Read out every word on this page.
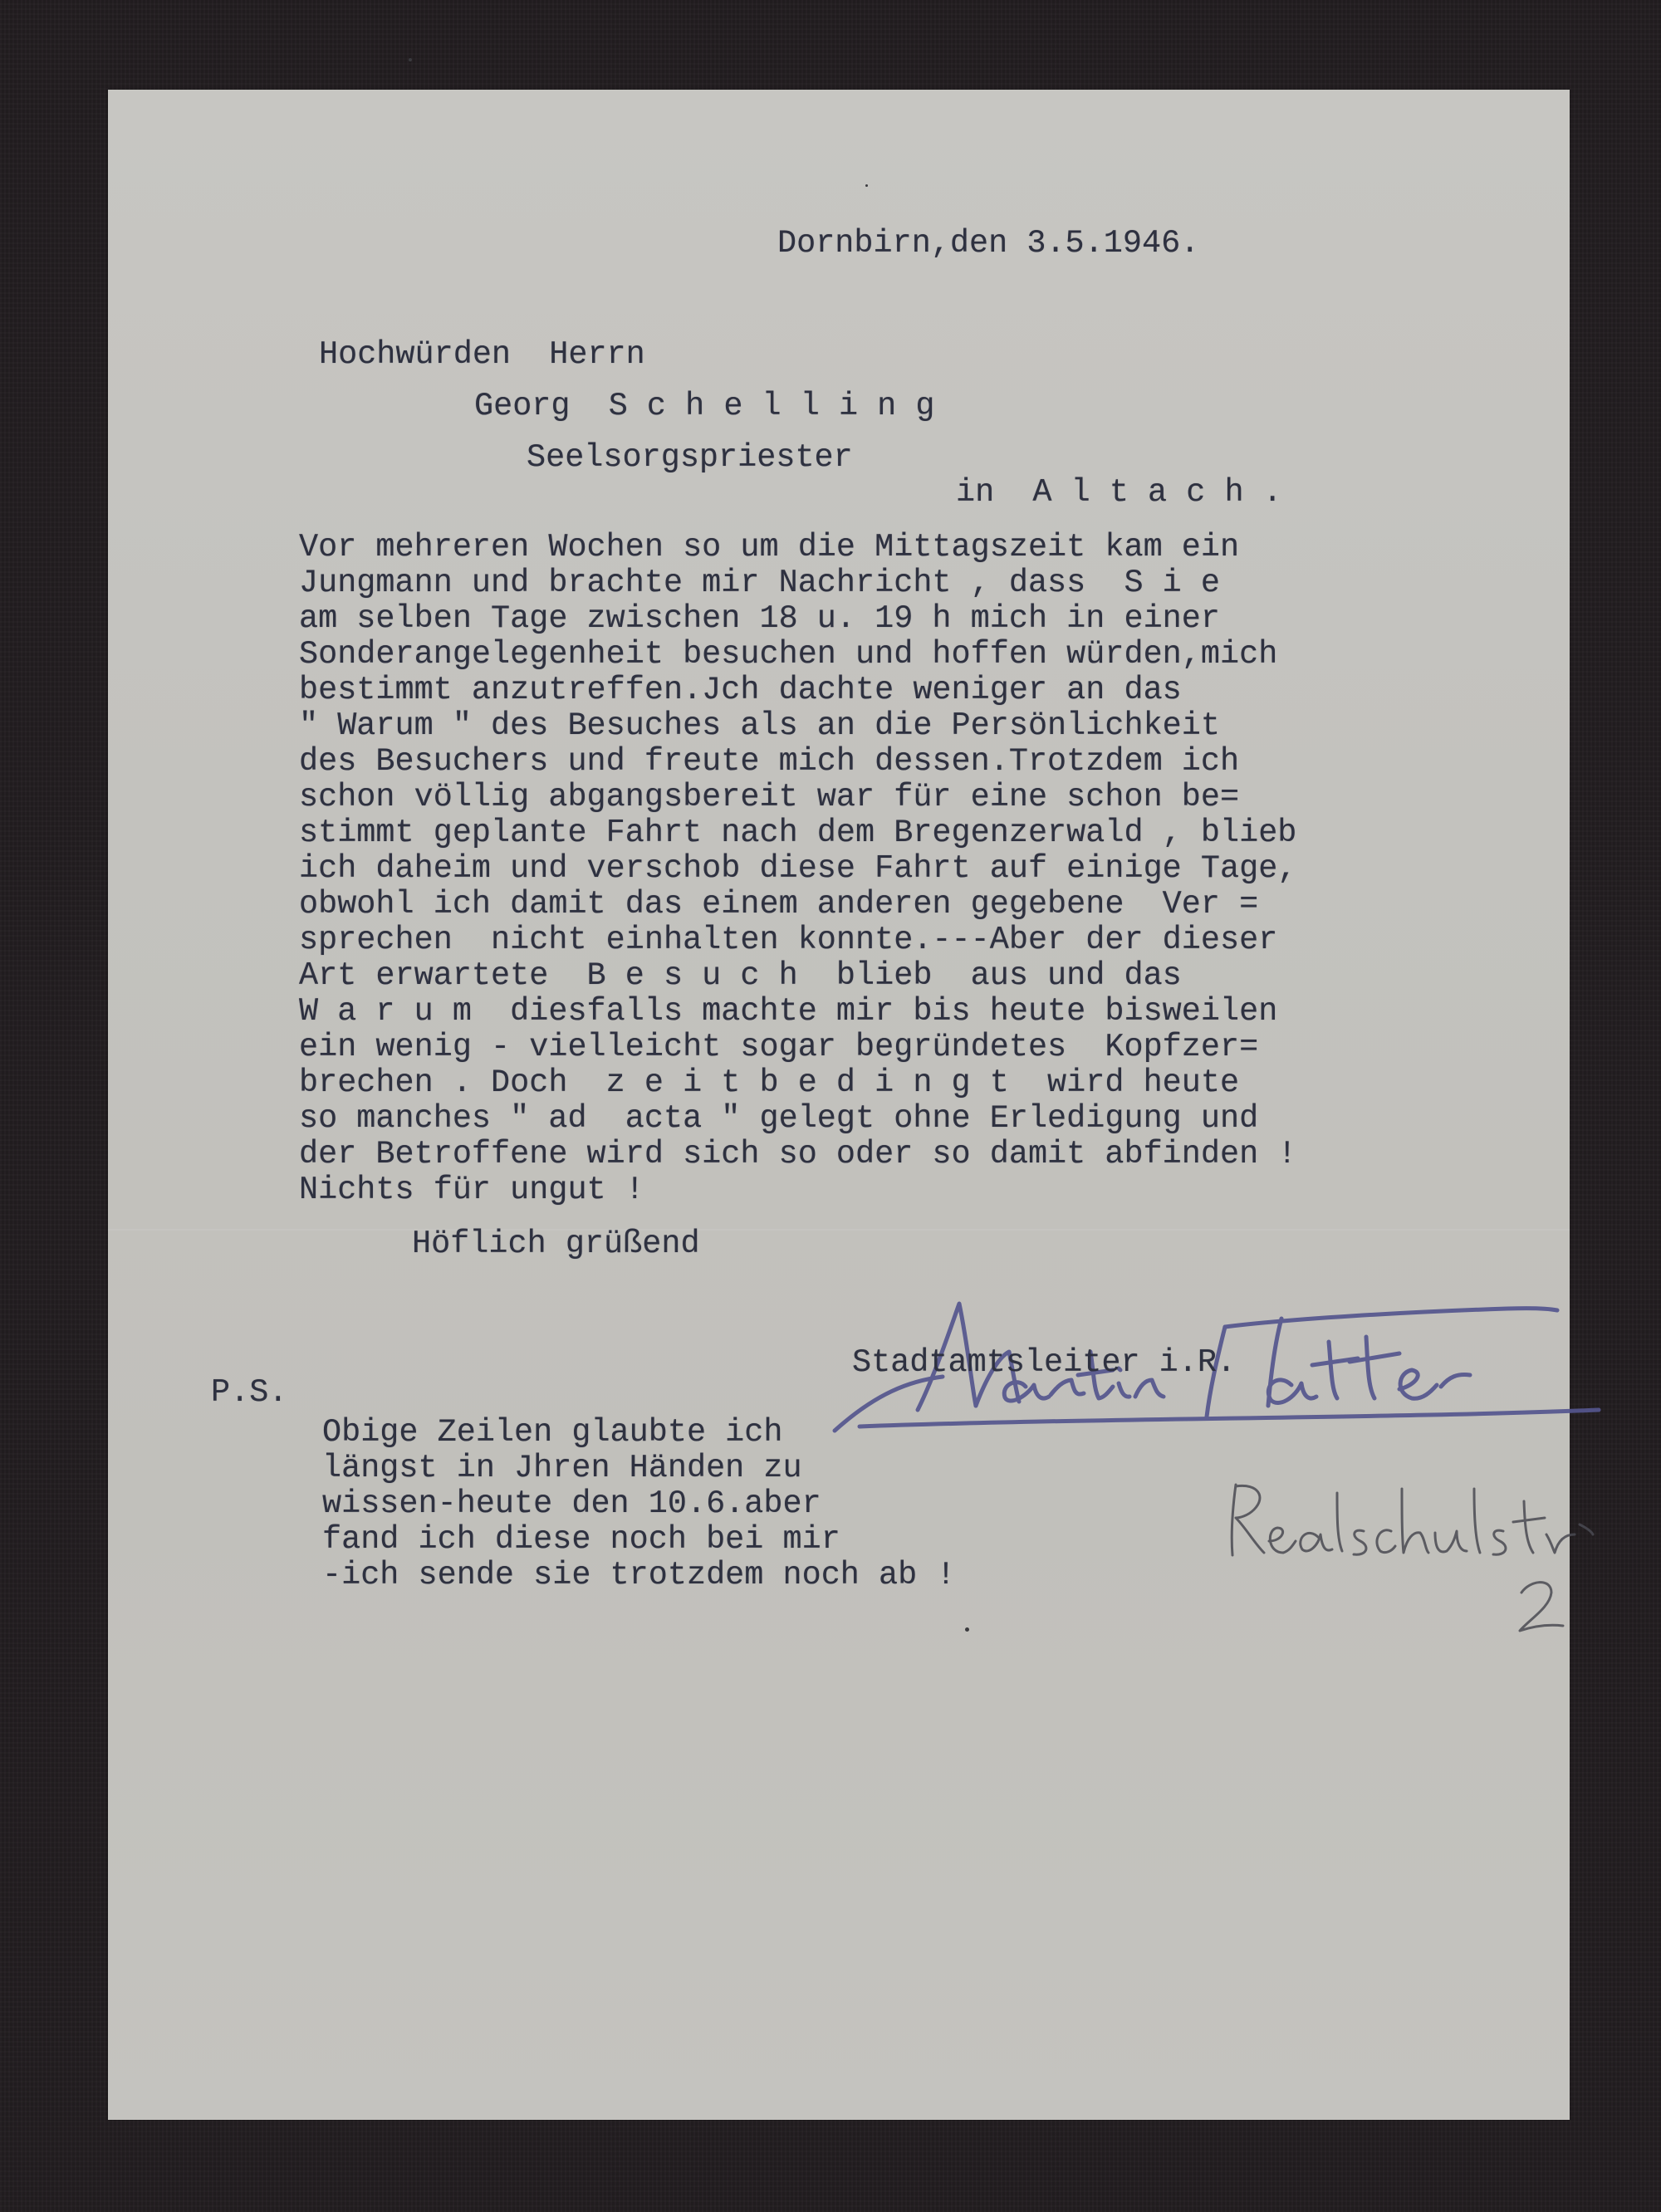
Dornbirn,den 3.5.1946.
Hochwürden  Herrn
Georg  S c h e l l i n g
Seelsorgspriester
in  A l t a c h .
Vor mehreren Wochen so um die Mittagszeit kam ein
Jungmann und brachte mir Nachricht , dass  S i e
am selben Tage zwischen 18 u. 19 h mich in einer
Sonderangelegenheit besuchen und hoffen würden,mich
bestimmt anzutreffen.Jch dachte weniger an das
" Warum " des Besuches als an die Persönlichkeit
des Besuchers und freute mich dessen.Trotzdem ich
schon völlig abgangsbereit war für eine schon be=
stimmt geplante Fahrt nach dem Bregenzerwald , blieb
ich daheim und verschob diese Fahrt auf einige Tage,
obwohl ich damit das einem anderen gegebene  Ver =
sprechen  nicht einhalten konnte.---Aber der dieser
Art erwartete  B e s u c h  blieb  aus und das
W a r u m  diesfalls machte mir bis heute bisweilen
ein wenig - vielleicht sogar begründetes  Kopfzer=
brechen . Doch  z e i t b e d i n g t  wird heute
so manches " ad  acta " gelegt ohne Erledigung und
der Betroffene wird sich so oder so damit abfinden !
Nichts für ungut !
Höflich grüßend
Stadtamtsleiter i.R.
P.S.
Obige Zeilen glaubte ich
längst in Jhren Händen zu
wissen-heute den 10.6.aber
fand ich diese noch bei mir
-ich sende sie trotzdem noch ab !
